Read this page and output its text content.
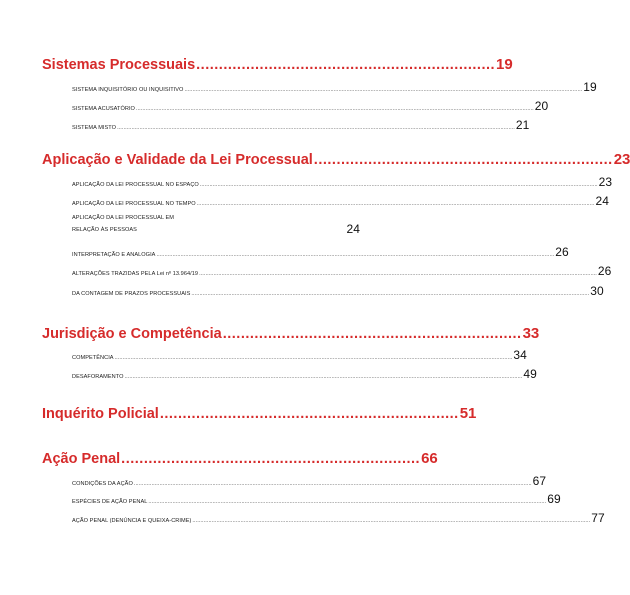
Sistemas Processuais .................................................................. 19
SISTEMA INQUISITÓRIO OU INQUISITIVO ........................................................................................................................................................................................................................................................ 19
SISTEMA ACUSATÓRIO ........................................................................................................................................................................................................................................................ 20
SISTEMA MISTO ........................................................................................................................................................................................................................................................ 21
Aplicação e Validade da Lei Processual .................................................................. 23
APLICAÇÃO DA LEI PROCESSUAL NO ESPAÇO ........................................................................................................................................................................................................................................................ 23
APLICAÇÃO DA LEI PROCESSUAL NO TEMPO ........................................................................................................................................................................................................................................................ 24
APLICAÇÃO DA LEI PROCESSUAL EM
RELAÇÃO ÀS PESSOAS	24
INTERPRETAÇÃO E ANALOGIA ........................................................................................................................................................................................................................................................ 26
ALTERAÇÕES TRAZIDAS PELA Lei nº 13.964/19 ........................................................................................................................................................................................................................................................ 26
DA CONTAGEM DE PRAZOS PROCESSUAIS ........................................................................................................................................................................................................................................................ 30
Jurisdição e Competência .................................................................. 33
COMPETÊNCIA ........................................................................................................................................................................................................................................................ 34
DESAFORAMENTO ........................................................................................................................................................................................................................................................ 49
Inquérito Policial .................................................................. 51
Ação Penal .................................................................. 66
CONDIÇÕES DA AÇÃO ........................................................................................................................................................................................................................................................ 67
ESPÉCIES DE AÇÃO PENAL ........................................................................................................................................................................................................................................................ 69
AÇÃO PENAL (DENÚNCIA E QUEIXA-CRIME) ........................................................................................................................................................................................................................................................ 77
